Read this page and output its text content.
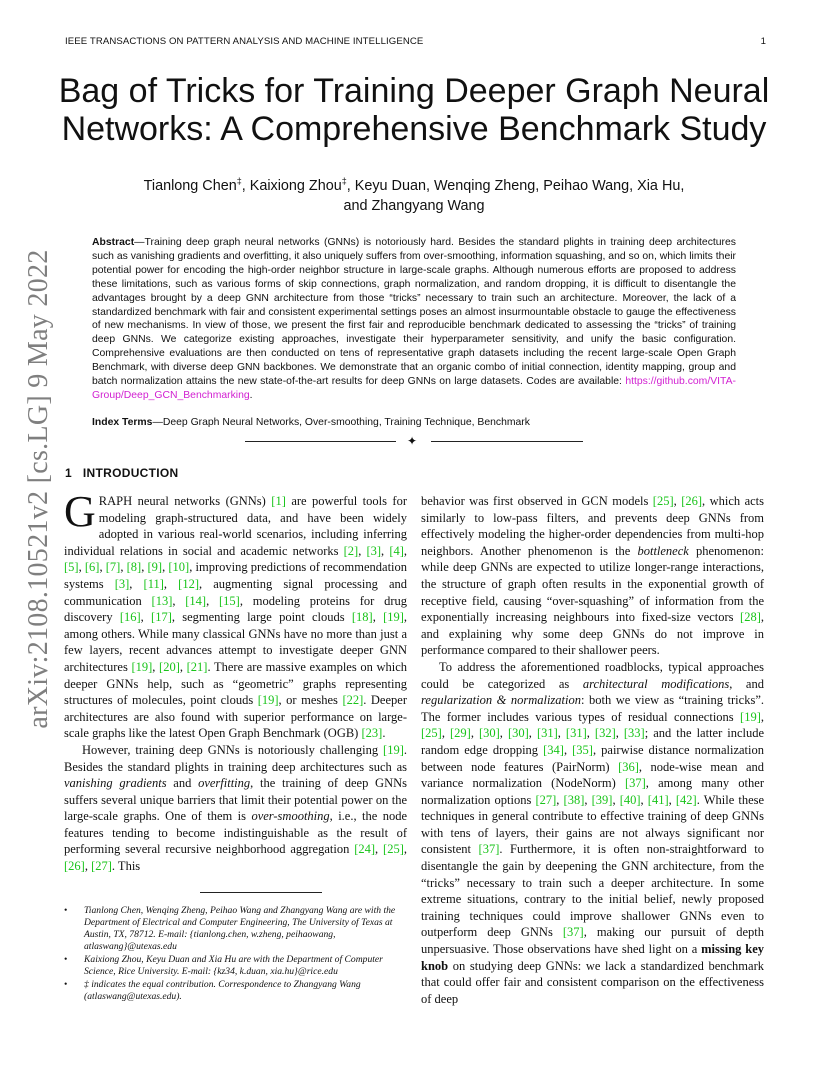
IEEE TRANSACTIONS ON PATTERN ANALYSIS AND MACHINE INTELLIGENCE	1
Bag of Tricks for Training Deeper Graph Neural
Networks: A Comprehensive Benchmark Study
Tianlong Chen‡, Kaixiong Zhou‡, Keyu Duan, Wenqing Zheng, Peihao Wang, Xia Hu,
and Zhangyang Wang
arXiv:2108.10521v2 [cs.LG] 9 May 2022
Abstract—Training deep graph neural networks (GNNs) is notoriously hard. Besides the standard plights in training deep architectures such as vanishing gradients and overfitting, it also uniquely suffers from over-smoothing, information squashing, and so on, which limits their potential power for encoding the high-order neighbor structure in large-scale graphs. Although numerous efforts are proposed to address these limitations, such as various forms of skip connections, graph normalization, and random dropping, it is difficult to disentangle the advantages brought by a deep GNN architecture from those “tricks” necessary to train such an architecture. Moreover, the lack of a standardized benchmark with fair and consistent experimental settings poses an almost insurmountable obstacle to gauge the effectiveness of new mechanisms. In view of those, we present the first fair and reproducible benchmark dedicated to assessing the “tricks” of training deep GNNs. We categorize existing approaches, investigate their hyperparameter sensitivity, and unify the basic configuration. Comprehensive evaluations are then conducted on tens of representative graph datasets including the recent large-scale Open Graph Benchmark, with diverse deep GNN backbones. We demonstrate that an organic combo of initial connection, identity mapping, group and batch normalization attains the new state-of-the-art results for deep GNNs on large datasets. Codes are available: https://github.com/VITA-Group/Deep_GCN_Benchmarking.
Index Terms—Deep Graph Neural Networks, Over-smoothing, Training Technique, Benchmark
✦
1 INTRODUCTION

GRAPH neural networks (GNNs) [1] are powerful tools for modeling graph-structured data, and have been widely adopted in various real-world scenarios, including inferring individual relations in social and academic networks [2], [3], [4], [5], [6], [7], [8], [9], [10], improving predictions of recommendation systems [3], [11], [12], augmenting signal processing and communication [13], [14], [15], modeling proteins for drug discovery [16], [17], segmenting large point clouds [18], [19], among others. While many classical GNNs have no more than just a few layers, recent advances attempt to investigate deeper GNN architectures [19], [20], [21]. There are massive examples on which deeper GNNs help, such as “geometric” graphs representing structures of molecules, point clouds [19], or meshes [22]. Deeper architectures are also found with superior performance on large-scale graphs like the latest Open Graph Benchmark (OGB) [23].

However, training deep GNNs is notoriously challenging [19]. Besides the standard plights in training deep architectures such as vanishing gradients and overfitting, the training of deep GNNs suffers several unique barriers that limit their potential power on the large-scale graphs. One of them is over-smoothing, i.e., the node features tending to become indistinguishable as the result of performing several recursive neighborhood aggregation [24], [25], [26], [27]. This

• Tianlong Chen, Wenqing Zheng, Peihao Wang and Zhangyang Wang are with the Department of Electrical and Computer Engineering, The University of Texas at Austin, TX, 78712. E-mail: {tianlong.chen, w.zheng, peihaowang, atlaswang}@utexas.edu
• Kaixiong Zhou, Keyu Duan and Xia Hu are with the Department of Computer Science, Rice University. E-mail: {kz34, k.duan, xia.hu}@rice.edu
• ‡ indicates the equal contribution. Correspondence to Zhangyang Wang (atlaswang@utexas.edu).

behavior was first observed in GCN models [25], [26], which acts similarly to low-pass filters, and prevents deep GNNs from effectively modeling the higher-order dependencies from multi-hop neighbors. Another phenomenon is the bottleneck phenomenon: while deep GNNs are expected to utilize longer-range interactions, the structure of graph often results in the exponential growth of receptive field, causing “over-squashing” of information from the exponentially increasing neighbours into fixed-size vectors [28], and explaining why some deep GNNs do not improve in performance compared to their shallower peers.

To address the aforementioned roadblocks, typical approaches could be categorized as architectural modifications, and regularization & normalization: both we view as “training tricks”. The former includes various types of residual connections [19], [25], [29], [30], [30], [31], [31], [32], [33]; and the latter include random edge dropping [34], [35], pairwise distance normalization between node features (PairNorm) [36], node-wise mean and variance normalization (NodeNorm) [37], among many other normalization options [27], [38], [39], [40], [41], [42]. While these techniques in general contribute to effective training of deep GNNs with tens of layers, their gains are not always significant nor consistent [37]. Furthermore, it is often non-straightforward to disentangle the gain by deepening the GNN architecture, from the “tricks” necessary to train such a deeper architecture. In some extreme situations, contrary to the initial belief, newly proposed training techniques could improve shallower GNNs even to outperform deep GNNs [37], making our pursuit of depth unpersuasive. Those observations have shed light on a missing key knob on studying deep GNNs: we lack a standardized benchmark that could offer fair and consistent comparison on the effectiveness of deep
